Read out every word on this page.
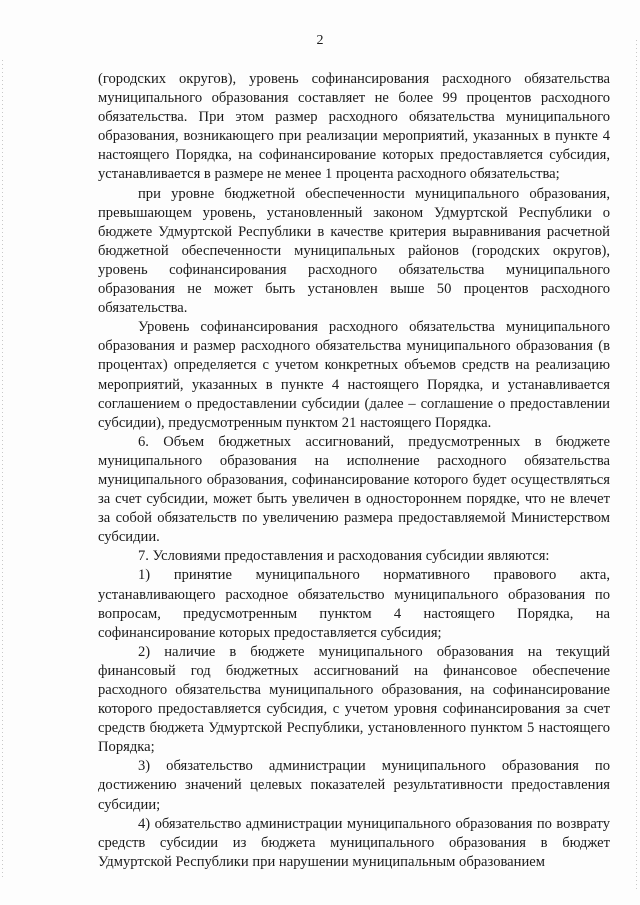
2

(городских округов), уровень софинансирования расходного обязательства муниципального образования составляет не более 99 процентов расходного обязательства. При этом размер расходного обязательства муниципального образования, возникающего при реализации мероприятий, указанных в пункте 4 настоящего Порядка, на софинансирование которых предоставляется субсидия, устанавливается в размере не менее 1 процента расходного обязательства;

при уровне бюджетной обеспеченности муниципального образования, превышающем уровень, установленный законом Удмуртской Республики о бюджете Удмуртской Республики в качестве критерия выравнивания расчетной бюджетной обеспеченности муниципальных районов (городских округов), уровень софинансирования расходного обязательства муниципального образования не может быть установлен выше 50 процентов расходного обязательства.

Уровень софинансирования расходного обязательства муниципального образования и размер расходного обязательства муниципального образования (в процентах) определяется с учетом конкретных объемов средств на реализацию мероприятий, указанных в пункте 4 настоящего Порядка, и устанавливается соглашением о предоставлении субсидии (далее – соглашение о предоставлении субсидии), предусмотренным пунктом 21 настоящего Порядка.

6. Объем бюджетных ассигнований, предусмотренных в бюджете муниципального образования на исполнение расходного обязательства муниципального образования, софинансирование которого будет осуществляться за счет субсидии, может быть увеличен в одностороннем порядке, что не влечет за собой обязательств по увеличению размера предоставляемой Министерством субсидии.

7. Условиями предоставления и расходования субсидии являются:

1) принятие муниципального нормативного правового акта, устанавливающего расходное обязательство муниципального образования по вопросам, предусмотренным пунктом 4 настоящего Порядка, на софинансирование которых предоставляется субсидия;

2) наличие в бюджете муниципального образования на текущий финансовый год бюджетных ассигнований на финансовое обеспечение расходного обязательства муниципального образования, на софинансирование которого предоставляется субсидия, с учетом уровня софинансирования за счет средств бюджета Удмуртской Республики, установленного пунктом 5 настоящего Порядка;

3) обязательство администрации муниципального образования по достижению значений целевых показателей результативности предоставления субсидии;

4) обязательство администрации муниципального образования по возврату средств субсидии из бюджета муниципального образования в бюджет Удмуртской Республики при нарушении муниципальным образованием
